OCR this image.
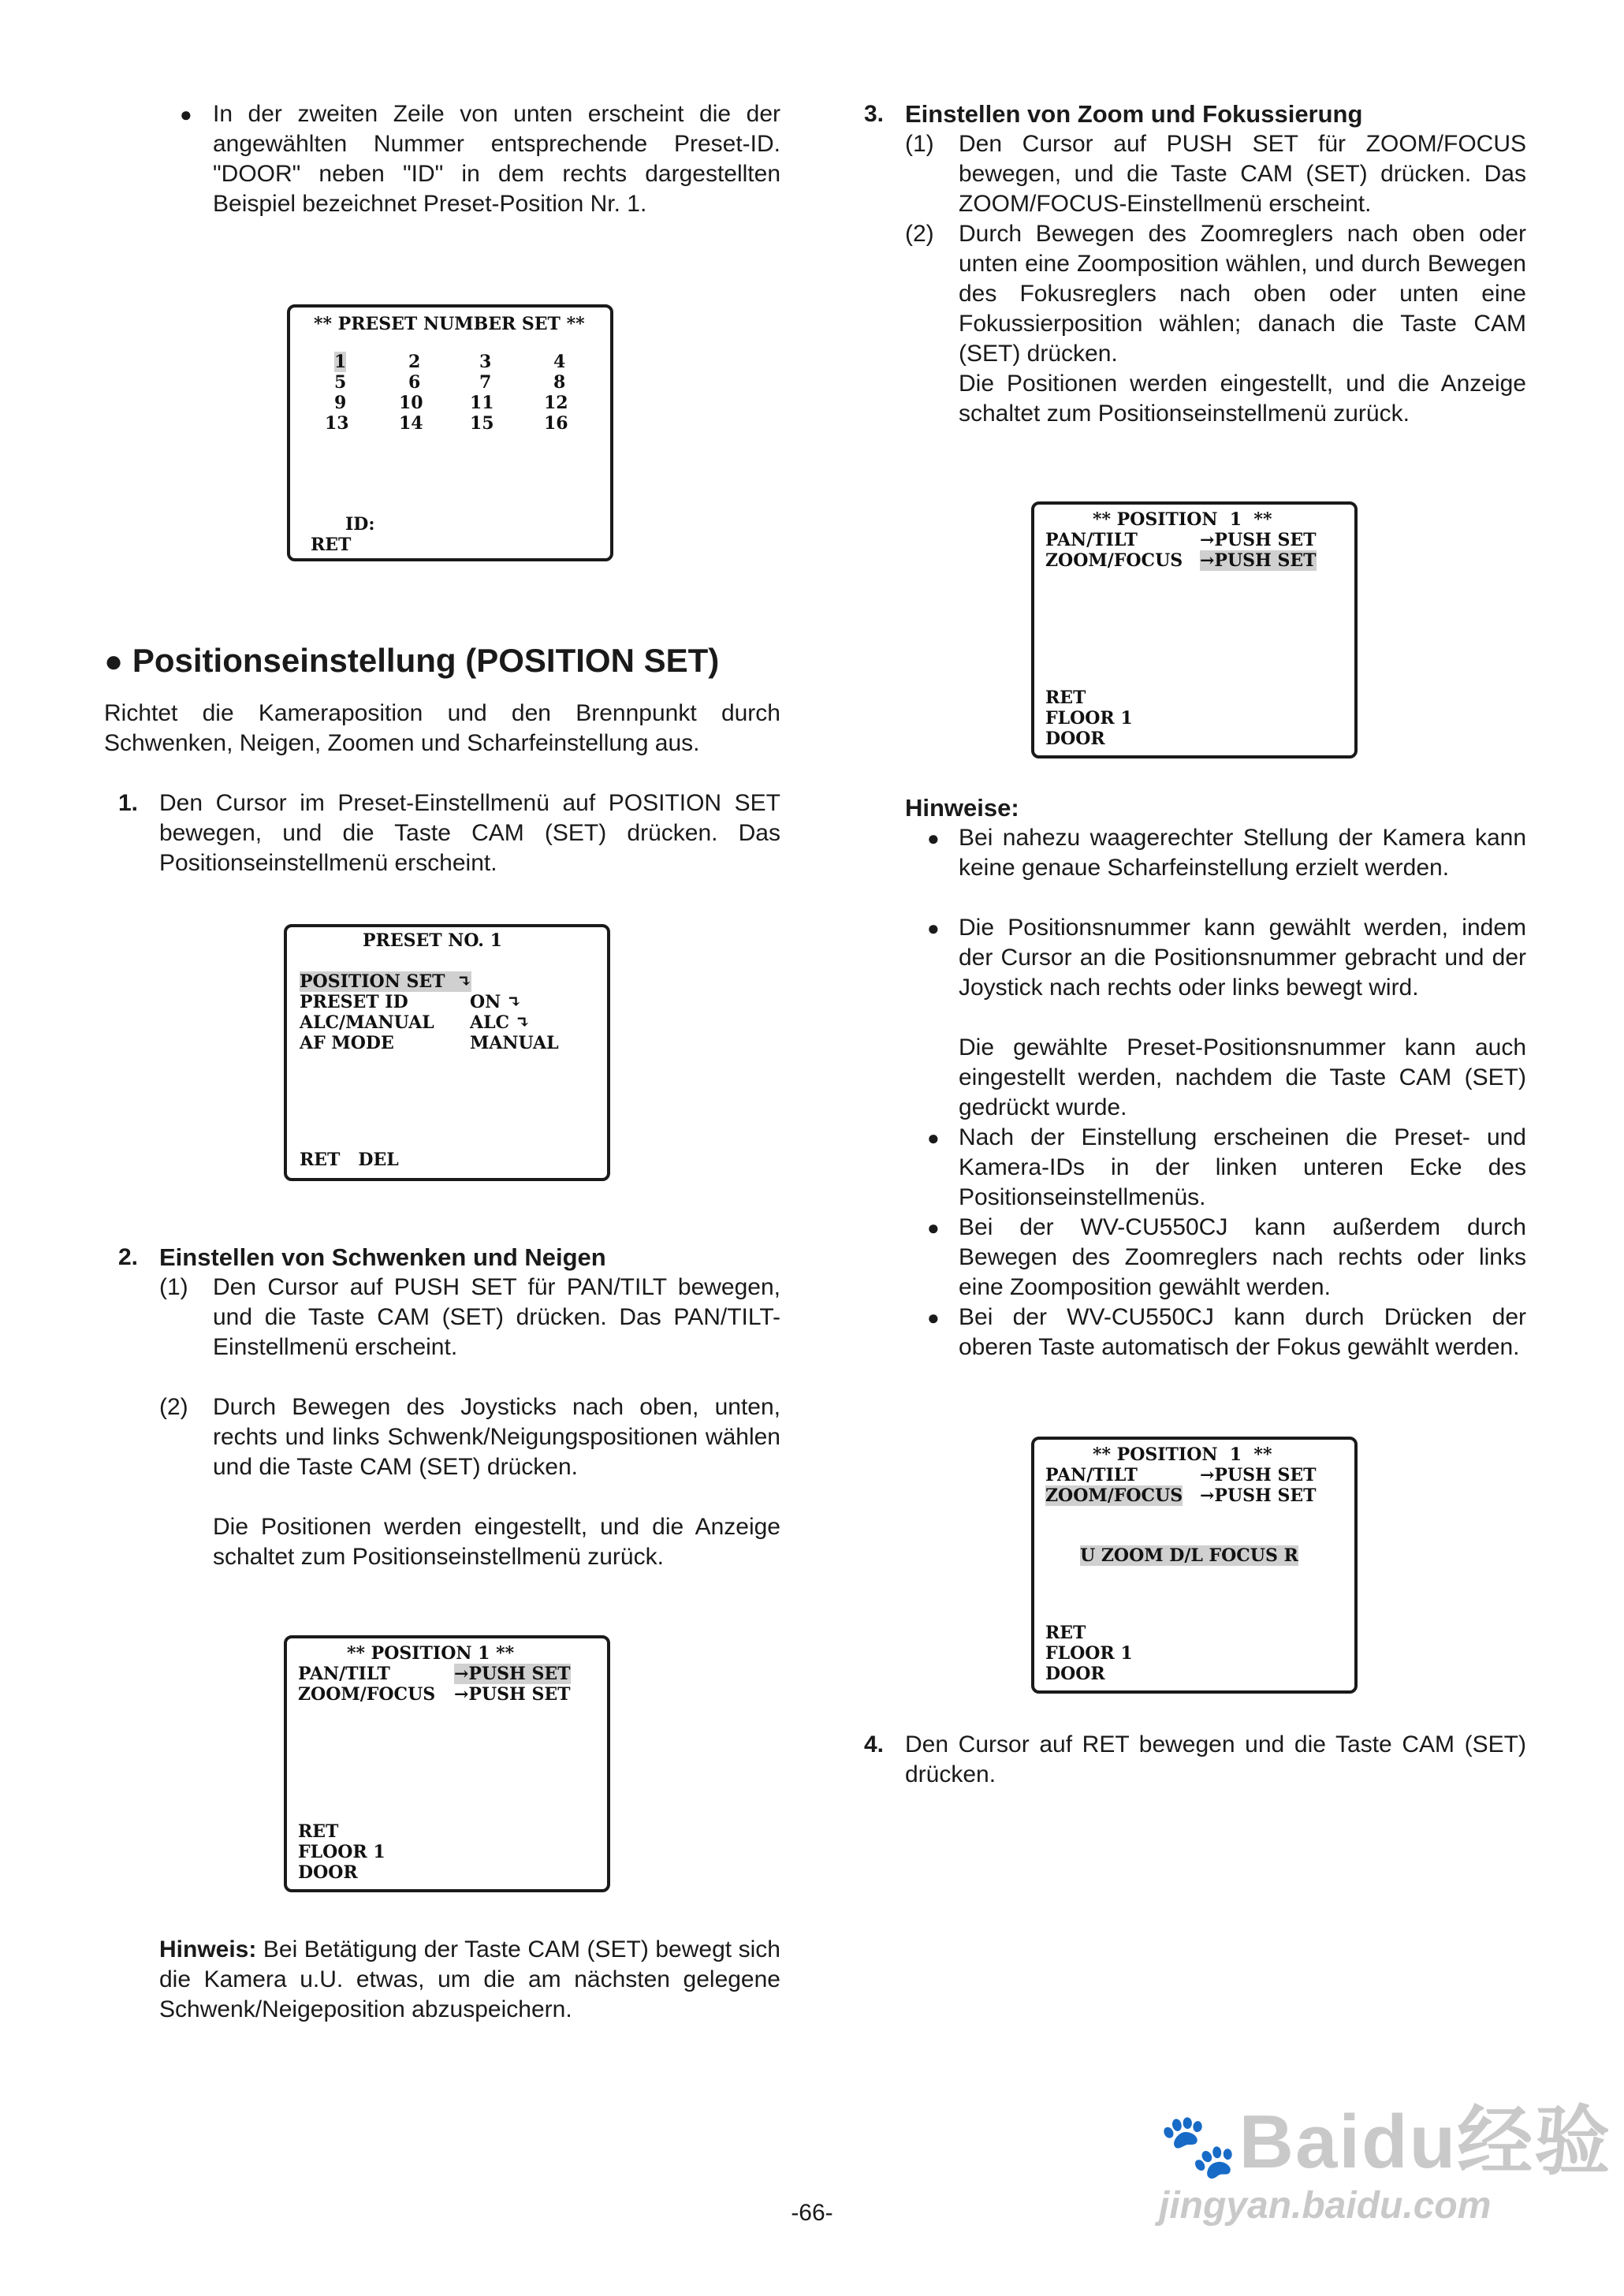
● In der zweiten Zeile von unten erscheint die der angewählten Nummer entsprechende Preset-ID. "DOOR" neben "ID" in dem rechts dargestellten Beispiel bezeichnet Preset-Position Nr. 1.
** PRESET NUMBER SET **
1	2	3	4
5	6	7	8
9	10	11	12
13	14	15	16
ID:
RET
● Positionseinstellung (POSITION SET)
Richtet die Kameraposition und den Brennpunkt durch Schwenken, Neigen, Zoomen und Scharfeinstellung aus.
1. Den Cursor im Preset-Einstellmenü auf POSITION SET bewegen, und die Taste CAM (SET) drücken. Das Positionseinstellmenü erscheint.
PRESET NO. 1
POSITION SET ↴
PRESET ID	ON ↴
ALC/MANUAL ALC ↴
AF MODE	MANUAL
RET   DEL
2. Einstellen von Schwenken und Neigen
(1) Den Cursor auf PUSH SET für PAN/TILT bewegen, und die Taste CAM (SET) drücken. Das PAN/TILT-Einstellmenü erscheint.
(2) Durch Bewegen des Joysticks nach oben, unten, rechts und links Schwenk/Neigungspositionen wählen und die Taste CAM (SET) drücken.
Die Positionen werden eingestellt, und die Anzeige schaltet zum Positionseinstellmenü zurück.
** POSITION 1 **
PAN/TILT	→PUSH SET
ZOOM/FOCUS →PUSH SET
RET
FLOOR 1
DOOR
Hinweis: Bei Betätigung der Taste CAM (SET) bewegt sich die Kamera u.U. etwas, um die am nächsten gelegene Schwenk/Neigeposition abzuspeichern.
3. Einstellen von Zoom und Fokussierung
(1) Den Cursor auf PUSH SET für ZOOM/FOCUS bewegen, und die Taste CAM (SET) drücken. Das ZOOM/FOCUS-Einstellmenü erscheint.
(2) Durch Bewegen des Zoomreglers nach oben oder unten eine Zoomposition wählen, und durch Bewegen des Fokusreglers nach oben oder unten eine Fokussierposition wählen; danach die Taste CAM (SET) drücken.
Die Positionen werden eingestellt, und die Anzeige schaltet zum Positionseinstellmenü zurück.
** POSITION  1  **
PAN/TILT	→PUSH SET
ZOOM/FOCUS →PUSH SET
RET
FLOOR 1
DOOR
Hinweise:
● Bei nahezu waagerechter Stellung der Kamera kann keine genaue Scharfeinstellung erzielt werden.
● Die Positionsnummer kann gewählt werden, indem der Cursor an die Positionsnummer gebracht und der Joystick nach rechts oder links bewegt wird.
Die gewählte Preset-Positionsnummer kann auch eingestellt werden, nachdem die Taste CAM (SET) gedrückt wurde.
● Nach der Einstellung erscheinen die Preset- und Kamera-IDs in der linken unteren Ecke des Positionseinstellmenüs.
● Bei der WV-CU550CJ kann außerdem durch Bewegen des Zoomreglers nach rechts oder links eine Zoomposition gewählt werden.
● Bei der WV-CU550CJ kann durch Drücken der oberen Taste automatisch der Fokus gewählt werden.
** POSITION  1  **
PAN/TILT	→PUSH SET
ZOOM/FOCUS →PUSH SET
U ZOOM D/L FOCUS R
RET
FLOOR 1
DOOR
4. Den Cursor auf RET bewegen und die Taste CAM (SET) drücken.
-66-
🐾Baidu经验
jingyan.baidu.com
